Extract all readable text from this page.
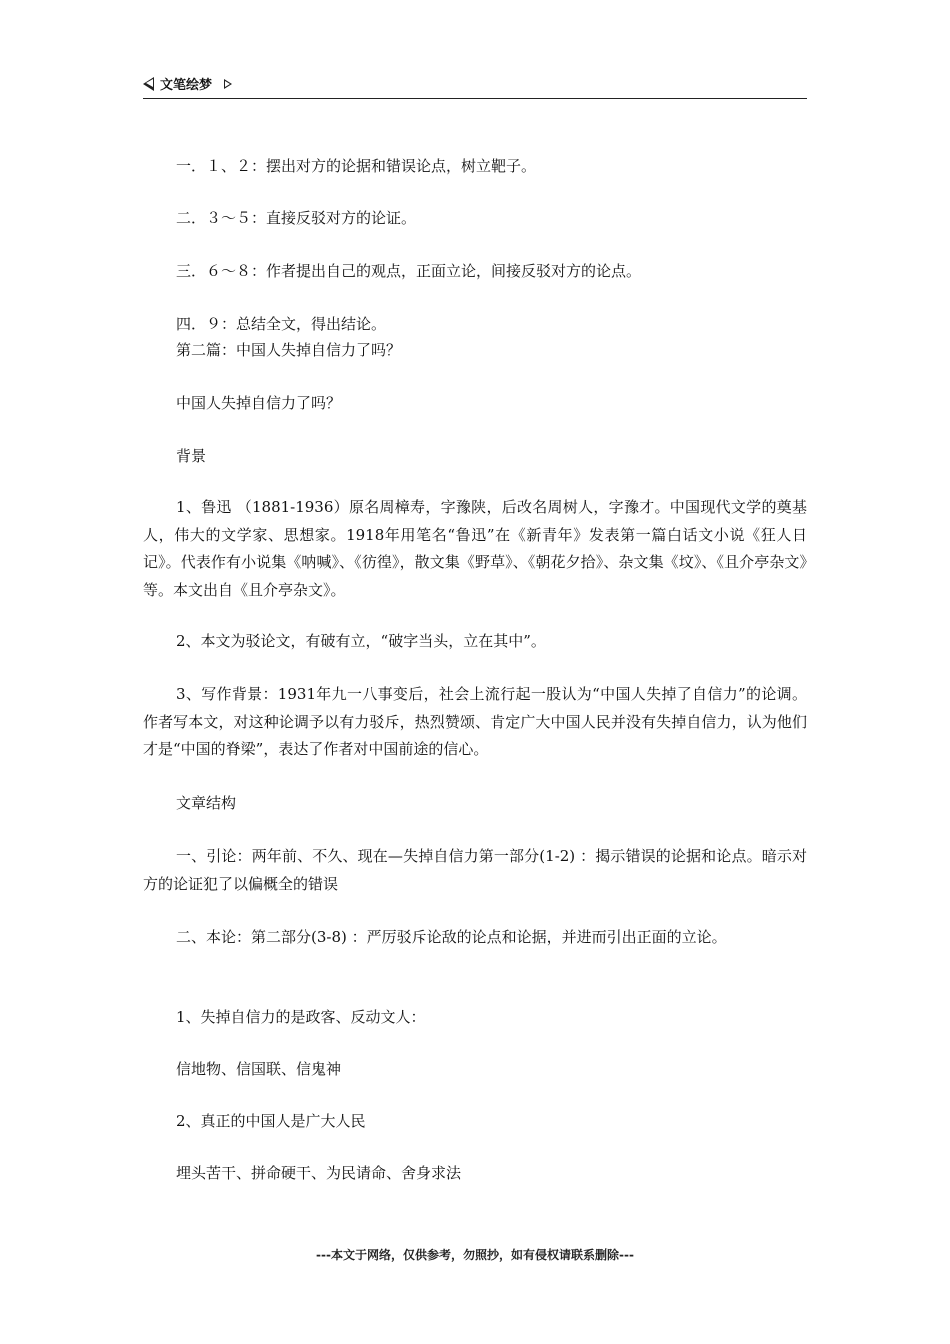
文笔绘梦
一．１、２：摆出对方的论据和错误论点，树立靶子。
二．３～５：直接反驳对方的论证。
三．６～８：作者提出自己的观点，正面立论，间接反驳对方的论点。
四．９：总结全文，得出结论。
第二篇：中国人失掉自信力了吗？
中国人失掉自信力了吗？
背景
1、鲁迅 （1881-1936）原名周樟寿，字豫陕，后改名周树人，字豫才。中国现代文学的奠基人，伟大的文学家、思想家。1918年用笔名“鲁迅”在《新青年》发表第一篇白话文小说《狂人日记》。代表作有小说集《呐喊》、《彷徨》，散文集《野草》、《朝花夕拾》、杂文集《坟》、《且介亭杂文》等。本文出自《且介亭杂文》。
2、本文为驳论文，有破有立，“破字当头，立在其中”。
3、写作背景：1931年九一八事变后，社会上流行起一股认为“中国人失掉了自信力”的论调。作者写本文，对这种论调予以有力驳斥，热烈赞颂、肯定广大中国人民并没有失掉自信力，认为他们才是“中国的脊梁”，表达了作者对中国前途的信心。
文章结构
一、引论：两年前、不久、现在—失掉自信力第一部分(1-2) ：揭示错误的论据和论点。暗示对方的论证犯了以偏概全的错误
二、本论：第二部分(3-8) ：严厉驳斥论敌的论点和论据，并进而引出正面的立论。
1、失掉自信力的是政客、反动文人：
信地物、信国联、信鬼神
2、真正的中国人是广大人民
埋头苦干、拼命硬干、为民请命、舍身求法
---本文于网络，仅供参考，勿照抄，如有侵权请联系删除---
